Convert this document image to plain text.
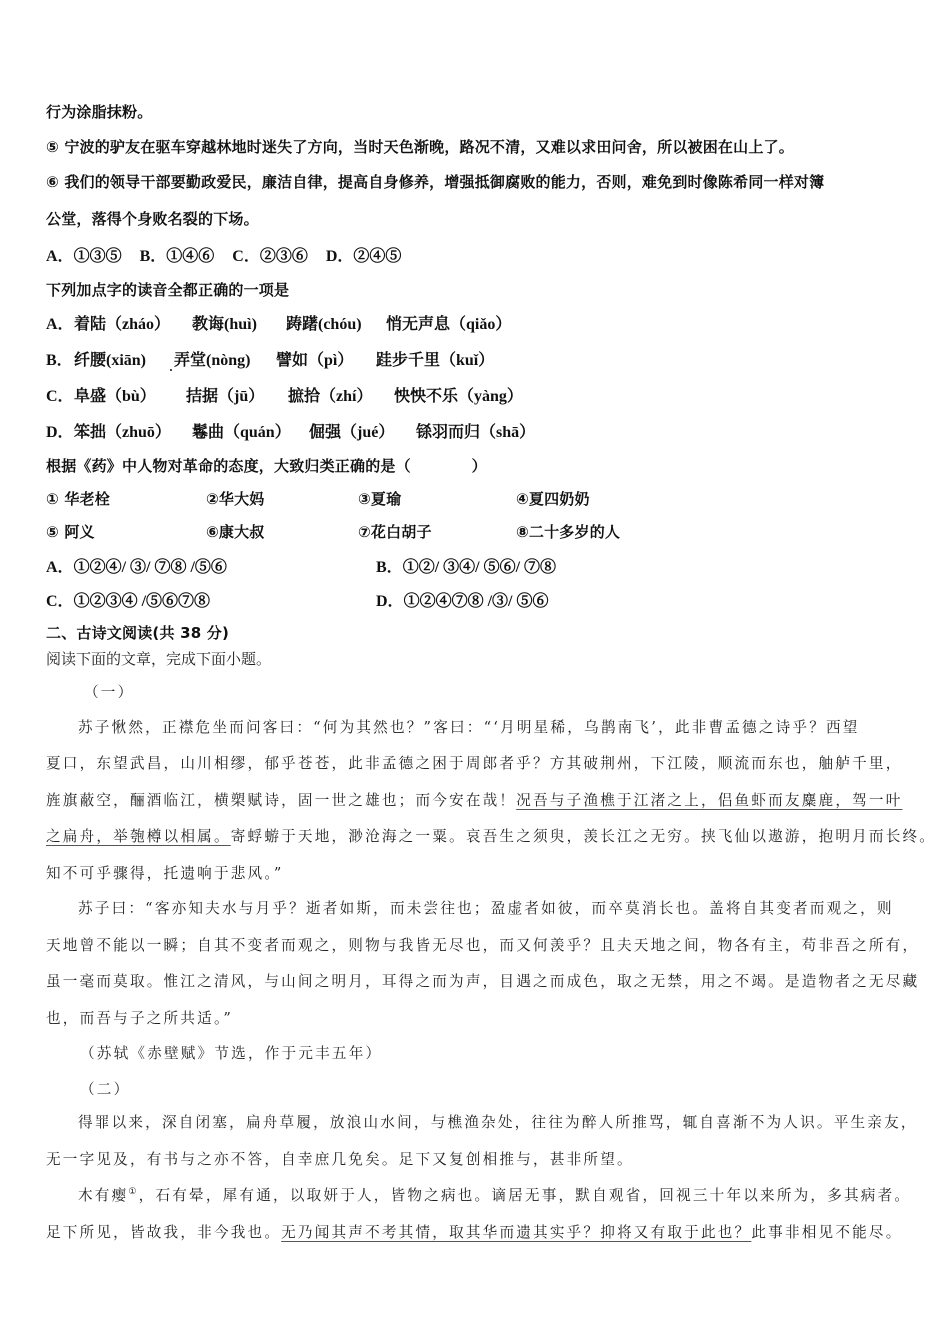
行为涂脂抹粉。
⑤ 宁波的驴友在驱车穿越林地时迷失了方向，当时天色渐晚，路况不清，又难以求田问舍，所以被困在山上了。
⑥ 我们的领导干部要勤政爱民，廉洁自律，提高自身修养，增强抵御腐败的能力，否则，难免到时像陈希同一样对簿
公堂，落得个身败名裂的下场。
A．①③⑤ B．①④⑥ C．②③⑥ D．②④⑤
下列加点字的读音全都正确的一项是
A． 着陆（zháo） 教诲(huì) 踌躇(chóu) 悄无声息（qiǎo）
B． 纤腰(xiān) 弄堂(nòng) 譬如（pì） 跬步千里（kuǐ）
C． 阜盛（bù） 拮据（jū） 摭拾（zhí） 怏怏不乐（yàng）
D． 笨拙（zhuō） 鬈曲（quán） 倔强（jué） 铩羽而归（shā）
根据《药》中人物对革命的态度，大致归类正确的是（　　　　）
① 华老栓	②华大妈	③夏瑜	④夏四奶奶
⑤ 阿义	⑥康大叔	⑦花白胡子	⑧二十多岁的人
A．①②④/ ③/ ⑦⑧ /⑤⑥	B．①②/ ③④/ ⑤⑥/ ⑦⑧
C．①②③④ /⑤⑥⑦⑧	D．①②④⑦⑧ /③/ ⑤⑥
二、古诗文阅读(共 38 分)
阅读下面的文章，完成下面小题。
（一）
苏子愀然，正襟危坐而问客曰：“何为其然也？”客曰：“‘月明星稀，乌鹊南飞’，此非曹孟德之诗乎？西望
夏口，东望武昌，山川相缪，郁乎苍苍，此非孟德之困于周郎者乎？方其破荆州，下江陵，顺流而东也，舳舻千里，
旌旗蔽空，酾酒临江，横槊赋诗，固一世之雄也；而今安在哉！况吾与子渔樵于江渚之上，侣鱼虾而友麋鹿，驾一叶
之扁舟，举匏樽以相属。寄蜉蝣于天地，渺沧海之一粟。哀吾生之须臾，羡长江之无穷。挟飞仙以遨游，抱明月而长终。
知不可乎骤得，托遗响于悲风。”
苏子曰：“客亦知夫水与月乎？逝者如斯，而未尝往也；盈虚者如彼，而卒莫消长也。盖将自其变者而观之，则
天地曾不能以一瞬；自其不变者而观之，则物与我皆无尽也，而又何羡乎？且夫天地之间，物各有主，苟非吾之所有，
虽一毫而莫取。惟江之清风，与山间之明月，耳得之而为声，目遇之而成色，取之无禁，用之不竭。是造物者之无尽藏
也，而吾与子之所共适。”
（苏轼《赤壁赋》节选，作于元丰五年）
（二）
得罪以来，深自闭塞，扁舟草履，放浪山水间，与樵渔杂处，往往为醉人所推骂，辄自喜渐不为人识。平生亲友，
无一字见及，有书与之亦不答，自幸庶几免矣。足下又复创相推与，甚非所望。
木有瘿①，石有晕，犀有通，以取妍于人，皆物之病也。谪居无事，默自观省，回视三十年以来所为，多其病者。
足下所见，皆故我，非今我也。无乃闻其声不考其情，取其华而遗其实乎？抑将又有取于此也？此事非相见不能尽。
